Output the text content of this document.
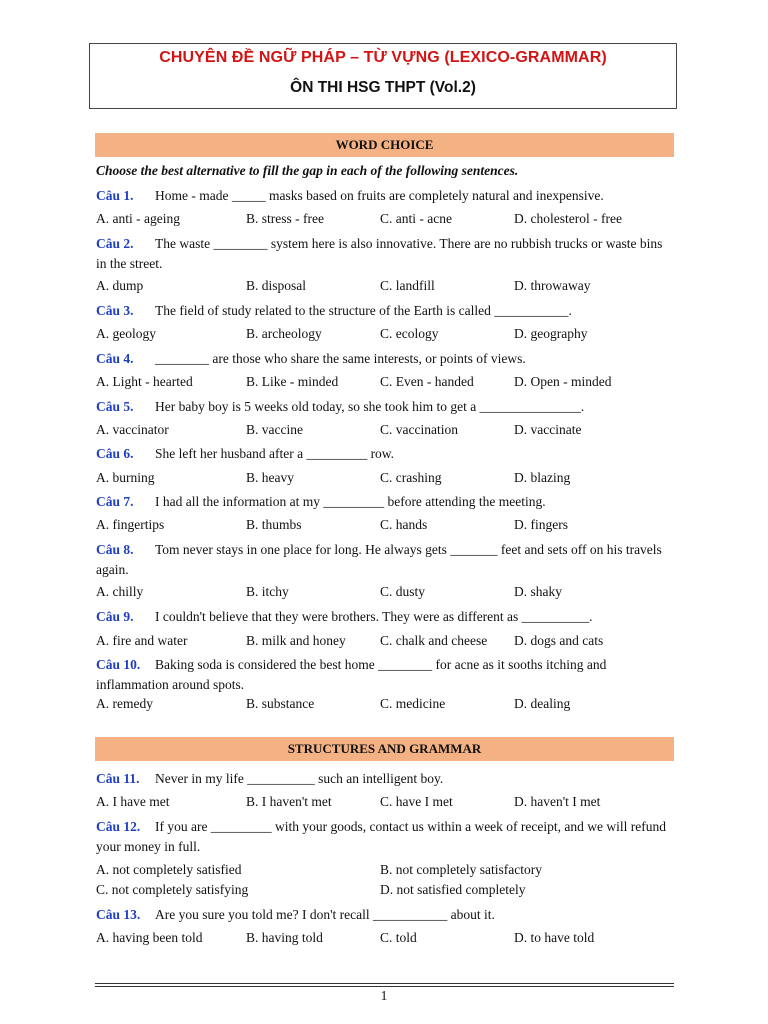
CHUYÊN ĐỀ NGỮ PHÁP – TỪ VỰNG (LEXICO-GRAMMAR)
ÔN THI HSG THPT (Vol.2)
WORD CHOICE
Choose the best alternative to fill the gap in each of the following sentences.
Câu 1. Home - made _____ masks based on fruits are completely natural and inexpensive.
A. anti - ageing	B. stress - free	C. anti - acne	D. cholesterol - free
Câu 2. The waste ________ system here is also innovative. There are no rubbish trucks or waste bins in the street.
A. dump	B. disposal	C. landfill	D. throwaway
Câu 3. The field of study related to the structure of the Earth is called ___________.
A. geology	B. archeology	C. ecology	D. geography
Câu 4. ________ are those who share the same interests, or points of views.
A. Light - hearted	B. Like - minded	C. Even - handed	D. Open - minded
Câu 5. Her baby boy is 5 weeks old today, so she took him to get a _______________.
A. vaccinator	B. vaccine	C. vaccination	D. vaccinate
Câu 6. She left her husband after a _________ row.
A. burning	B. heavy	C. crashing	D. blazing
Câu 7. I had all the information at my _________ before attending the meeting.
A. fingertips	B. thumbs	C. hands	D. fingers
Câu 8. Tom never stays in one place for long. He always gets _______ feet and sets off on his travels again.
A. chilly	B. itchy	C. dusty	D. shaky
Câu 9. I couldn't believe that they were brothers. They were as different as __________.
A. fire and water	B. milk and honey	C. chalk and cheese D. dogs and cats
Câu 10. Baking soda is considered the best home ________ for acne as it sooths itching and inflammation around spots.
A. remedy	B. substance	C. medicine	D. dealing
STRUCTURES AND GRAMMAR
Câu 11. Never in my life __________ such an intelligent boy.
A. I have met	B. I haven't met	C. have I met	D. haven't I met
Câu 12. If you are _________ with your goods, contact us within a week of receipt, and we will refund your money in full.
A. not completely satisfied	B. not completely satisfactory
C. not completely satisfying	D. not satisfied completely
Câu 13. Are you sure you told me? I don't recall ___________ about it.
A. having been told	B. having told	C. told	D. to have told
1
